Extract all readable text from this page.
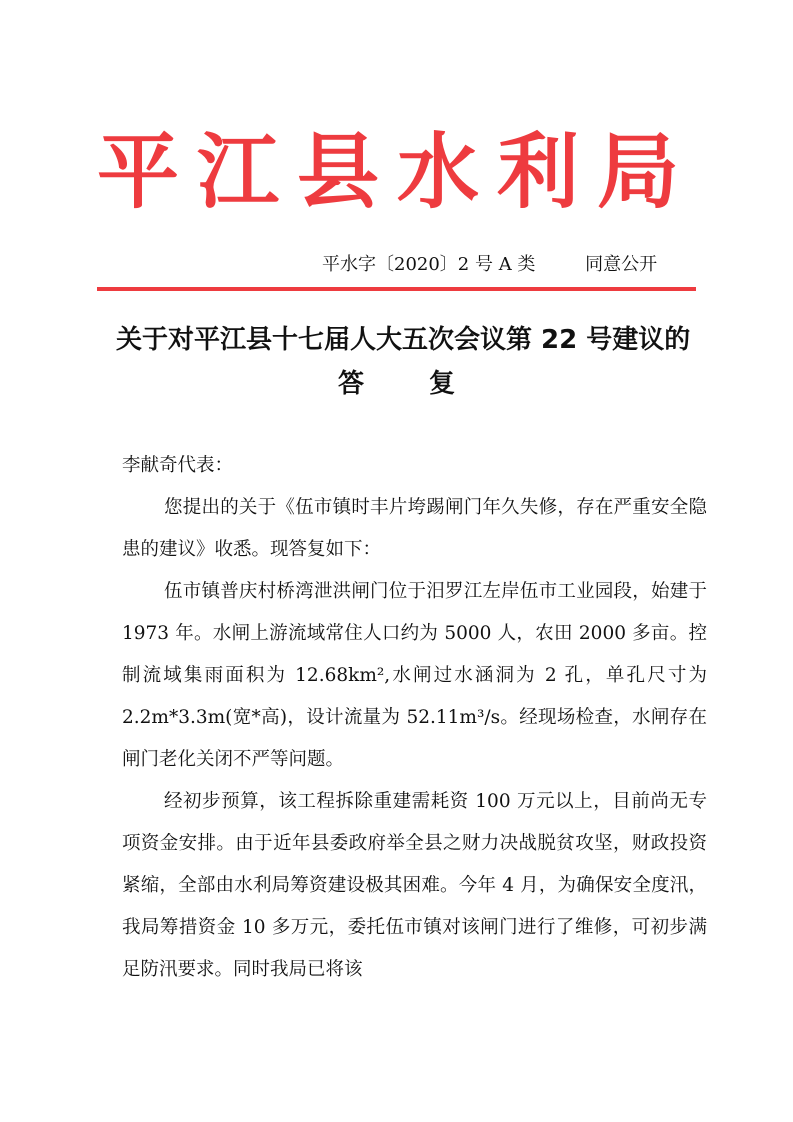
平江县水利局
平水字〔2020〕2 号 A 类	同意公开
关于对平江县十七届人大五次会议第 22 号建议的
答 复

李献奇代表：

您提出的关于《伍市镇时丰片垮踢闸门年久失修，存在严重安全隐患的建议》收悉。现答复如下：

伍市镇普庆村桥湾泄洪闸门位于汨罗江左岸伍市工业园段，始建于 1973 年。水闸上游流域常住人口约为 5000 人，农田 2000 多亩。控制流域集雨面积为 12.68km²,水闸过水涵洞为 2 孔，单孔尺寸为 2.2m*3.3m(宽*高)，设计流量为 52.11m³/s。经现场检查，水闸存在闸门老化关闭不严等问题。

经初步预算，该工程拆除重建需耗资 100 万元以上，目前尚无专项资金安排。由于近年县委政府举全县之财力决战脱贫攻坚，财政投资紧缩，全部由水利局筹资建设极其困难。今年 4 月，为确保安全度汛，我局筹措资金 10 多万元，委托伍市镇对该闸门进行了维修，可初步满足防汛要求。同时我局已将该
